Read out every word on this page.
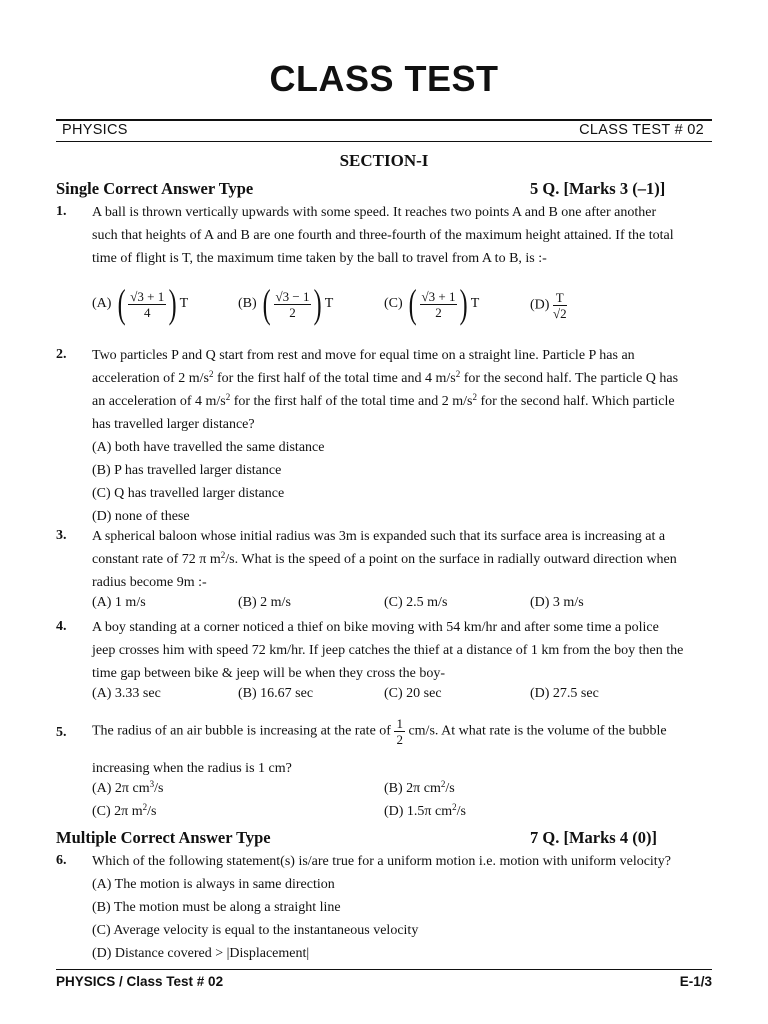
CLASS TEST
PHYSICS	CLASS TEST # 02
SECTION-I
Single Correct Answer Type	5 Q. [Marks 3 (–1)]
1. A ball is thrown vertically upwards with some speed. It reaches two points A and B one after another
such that heights of A and B are one fourth and three-fourth of the maximum height attained. If the total
time of flight is T, the maximum time taken by the ball to travel from A to B, is :-
(A) ( $\frac{√3 + 1}{4}$ ) T	(B) ( $\frac{√3 - 1}{2}$ ) T	(C) ( $\frac{√3 + 1}{2}$ ) T	$(D) \frac{T}{√2}$
2. Two particles P and Q start from rest and move for equal time on a straight line. Particle P has an
acceleration of 2 $m/s^2$ for the first half of the total time and 4 $m/s^2$ for the second half. The particle Q has
an acceleration of 4 $m/s^2$ for the first half of the total time and 2 $m/s^2$ for the second half. Which particle
has travelled larger distance?
(A) both have travelled the same distance
(B) P has travelled larger distance
(C) Q has travelled larger distance
(D) none of these
3. A spherical baloon whose initial radius was 3m is expanded such that its surface area is increasing at a
constant rate of 72 π $m^2/s$. What is the speed of a point on the surface in radially outward direction when
radius become 9m :-
(A) 1 m/s	(B) 2 m/s	(C) 2.5 m/s	(D) 3 m/s
4. A boy standing at a corner noticed a thief on bike moving with 54 km/hr and after some time a police
jeep crosses him with speed 72 km/hr. If jeep catches the thief at a distance of 1 km from the boy then the
time gap between bike & jeep will be when they cross the boy-
(A) 3.33 sec	(B) 16.67 sec	(C) 20 sec	(D) 27.5 sec
5. The radius of an air bubble is increasing at the rate of $\frac{1}{2} cm/s$. At what rate is the volume of the bubble
increasing when the radius is 1 cm?
(A) 2π $cm^3/s$	(B) 2π $cm^2/s$
(C) 2π $m^2/s$	(D) 1.5π $cm^2/s$
Multiple Correct Answer Type	7 Q. [Marks 4 (0)]
6. Which of the following statement(s) is/are true for a uniform motion i.e. motion with uniform velocity?
(A) The motion is always in same direction
(B) The motion must be along a straight line
(C) Average velocity is equal to the instantaneous velocity
(D) Distance covered > |Displacement|
PHYSICS / Class Test # 02	E-1/3
